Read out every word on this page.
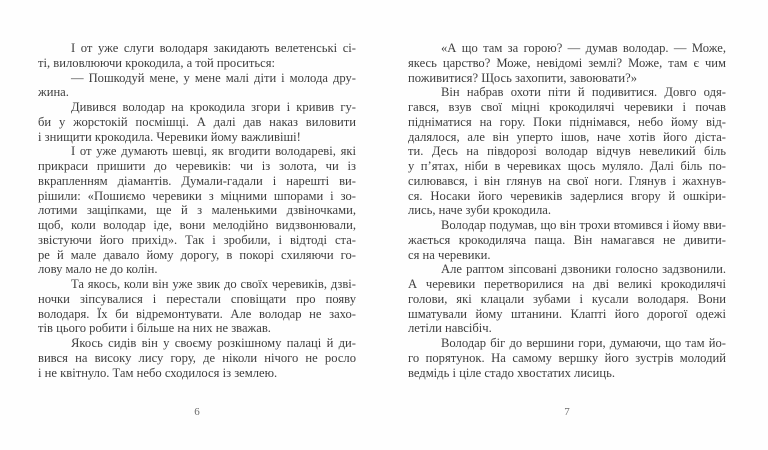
І от уже слуги володаря закидають велетенські сі-
ті, виловлюючи крокодила, а той проситься:
— Пошкодуй мене, у мене малі діти і молода дру-
жина.
Дивився володар на крокодила згори і кривив гу-
би у жорстокій посмішці. А далі дав наказ виловити
і знищити крокодила. Черевики йому важливіші!
І от уже думають шевці, як вгодити володареві, які
прикраси пришити до черевиків: чи із золота, чи із
вкрапленням діамантів. Думали-гадали і нарешті ви-
рішили: «Пошиємо черевики з міцними шпорами і зо-
лотими защіпками, ще й з маленькими дзвіночками,
щоб, коли володар іде, вони мелодійно видзвонювали,
звістуючи його прихід». Так і зробили, і відтоді ста-
ре й мале давало йому дорогу, в покорі схиляючи го-
лову мало не до колін.
Та якось, коли він уже звик до своїх черевиків, дзві-
ночки зіпсувалися і перестали сповіщати про появу
володаря. Їх би відремонтувати. Але володар не захо-
тів цього робити і більше на них не зважав.
Якось сидів він у своєму розкішному палаці й ди-
вився на високу лису гору, де ніколи нічого не росло
і не квітнуло. Там небо сходилося із землею.
6
«А що там за горою? — думав володар. — Може,
якесь царство? Може, невідомі землі? Може, там є чим
поживитися? Щось захопити, завоювати?»
Він набрав охоти піти й подивитися. Довго одя-
гався, взув свої міцні крокодилячі черевики і почав
підніматися на гору. Поки піднімався, небо йому від-
далялося, але він уперто ішов, наче хотів його діста-
ти. Десь на півдорозі володар відчув невеликий біль
у п’ятах, ніби в черевиках щось муляло. Далі біль по-
силювався, і він глянув на свої ноги. Глянув і жахнув-
ся. Носаки його черевиків задерлися вгору й ошкіри-
лись, наче зуби крокодила.
Володар подумав, що він трохи втомився і йому вви-
жається крокодиляча паща. Він намагався не дивити-
ся на черевики.
Але раптом зіпсовані дзвоники голосно задзвонили.
А черевики перетворилися на дві великі крокодилячі
голови, які клацали зубами і кусали володаря. Вони
шматували йому штанини. Клапті його дорогої одежі
летіли навсібіч.
Володар біг до вершини гори, думаючи, що там йо-
го порятунок. На самому вершку його зустрів молодий
ведмідь і ціле стадо хвостатих лисиць.
7
